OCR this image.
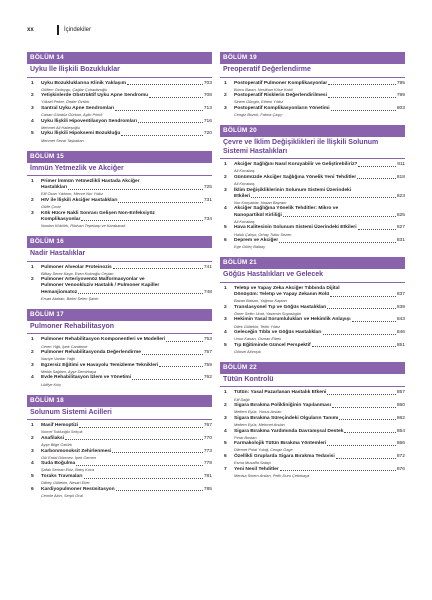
xx	İçindekiler
BÖLÜM 14
Uyku İle İlişkili Bozukluklar
1	Uyku Bozukluklarına Klinik Yaklaşım	703
Gülfem Özdoygu, Çağlar Çuhadaroğlu
2	Yetişkinlerde Obstrüktif Uyku Apne Sendromu	708
Yüksel Peker, Önder Öztürk
3	Santral Uyku Apne Sendromları	713
Canan Gündüz Gürkan, Aylin Pıhtılı
4	Uyku İlişkili Hipoventilasyon Sendromları	716
Mehmet Ali Habeşoğlu
5	Uyku İlişkili Hipoksemi Bozukluğu	720
Mehmet Sezai Taşbakan
BÖLÜM 15
İmmün Yetmezlik ve Akciğer
1	Primer İmmün Yetmezlikli Hastada Akciğer
Hastalıkları	725
Elif Özarı Yıldırım, Mecve Nur Yıldız
2	HIV ile İlişkili Akciğer Hastalıkları	731
Gülfe Çınar
3	Kök Hücre Nakli Sonrası Gelişen Non-Enfeksiyöz
Komplikasyonlar	734
Nurdan Köktürk, Rüdvan Tepebaşı ve Karabacak
BÖLÜM 16
Nadir Hastalıklar
1	Pulmoner Alveolar Proteinozis	741
Bilkay Serez Kaya, Esen Kıdıroğlu Ceylan
2	Pulmoner Arteriyovenöz Malformasyonlar ve
Pulmoner Venookluziv Hastalık / Pulmoner Kapiller
Hemanjiomatoz	748
Ersan Atahan, Bekel Selen Şahin
BÖLÜM 17
Pulmoner Rehabilitasyon
1	Pulmoner Rehabilitasyon Komponentleri ve Modelleri	753
Ceren Yiğit, İpek Candemir
2	Pulmoner Rehabilitasyonda Değerlendirme	757
Naciye Vardar Yağlı
3	Egzersiz Eğitimi ve Havayolu Temizleme Teknikleri	759
Melda Sağlam, Ayşe Demirkaya
4	Evde Rehabilitasyon İzlem ve Yönetimi	762
Lütfiye Kılıç
BÖLÜM 18
Solunum Sistemi Acilleri
1	Masif Hemoptizi	767
Nurcel Tokluoğlu Selçuk
2	Anafilaksi	770
Ayşe Bilge Öztürk
3	Karbonmonoksit Zehirlenmesi	773
Gül Erdal Dönmez, İpek Özmen
4	Suda Boğulma	778
Şafak Serhan Ekiz, Batış Koca
5	Toraks Travmaları	781
Dilbey Gültekin, Nesari Eker
6	Kardiyopulmoner Resüsitasyon	785
Cemile Altın, Serpil Öcal
BÖLÜM 19
Preoperatif Değerlendirme
1	Postoperatif Pulmoner Komplikasyonlar	795
Burcu Baran, Neslihan Köse Kabil
2	Postoperatif Risklerin Değerlendirilmesi	799
Sinem Güngör, Ethem Yıldız
3	Postoperatif Komplikasyonların Yönetimi	803
Cengiz Bozrık, Fatma Çaşçı
BÖLÜM 20
Çevre ve İklim Değişiklikleri ile İlişkili Solunum Sistemi Hastalıkları
1	Akciğer Sağlığını Nasıl Koruyabilir ve Geliştirebiliriz?	811
Ali Kocabaş
2	Günümüzde Akciğer Sağlığına Yönelik Yeni Tehditler	818
Ali Kocabaş
3	İklim Değişikliklerinin Solunum Sistemi Üzerindeki
Etkileri	823
Nur Konyalılar, Hasan Bayram
4	Akciğer Sağlığına Yönelik Tehditler: Mikro ve
Nanopartikül Kirliliği	825
Ali Kocabaş
5	Hava Kalitesinin Solunum Sistemi Üzerindeki Etkileri	827
Haluk Çalışır, Orhay Tutku Sezen
6	Deprem ve Akciğer	831
Ege Güleç Balbay
BÖLÜM 21
Göğüs Hastalıkları ve Gelecek
1	Teletıp ve Yapay Zeka Akciğer Tıbbında Dijital
Dönüşüm: Teletıp ve Yapay Zekanın Rolü	837
Bazan Balsan, Yağmur Kaptan
2	Translasyonel Tıp ve Göğüs Hastalıkları	839
Ömer Selim Unat, Yasemin Soyaslıgün
3	Hekimin Yasal Sorumlulukları ve Hekimlik Anlayışı	843
Dilek Gültekin, Tekin Yıldız
4	Geleceğin Tıbbı ve Göğüs Hastalıkları	846
Umut Kanan, Osman Elbek
5	Tıp Eğitiminde Güncel Perspektif	851
Göksel Altınışık
BÖLÜM 22
Tütün Kontrolü
1	Tütün: Yasal Pazarlanan Hastalık Etkeni	857
Elif Dağlı
2	Sigara Bırakma Polikliniğinin Yapılanması	860
Meltem Eyüz, Yunus Arslan
3	Sigara Bırakma Süreçindeki Olguların Tanımı	862
Meltem Eyüz, Mehmet Arslan
4	Sigara Bırakma Yardımında Davranışsal Destek	864
Pınar Bostan
5	Farmakolojik Tütün Bırakma Yöntemleri	866
Dilemet Polat Yuluğ, Cengiz Özge
6	Özellikli Gruplarda Sigara Bırakma Tedavisi	872
Esma Musaffa Satayi
7	Yeni Nesil Tehditler	876
Menisa Sinem Arslan, Pelin Duru Çetinkaya
